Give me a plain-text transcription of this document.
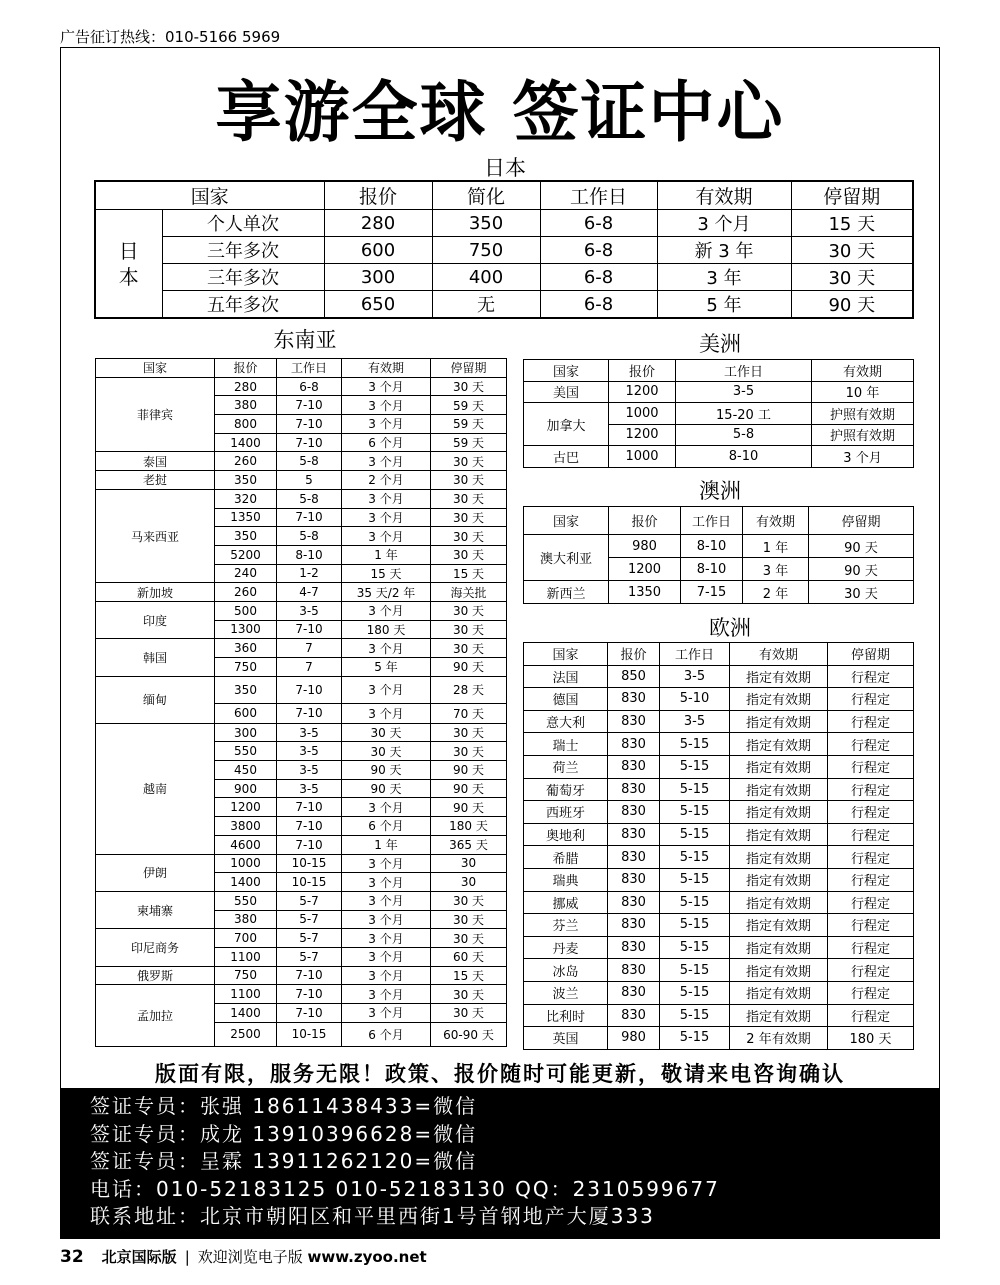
广告征订热线：010-5166 5969
享游全球 签证中心
日本
国家		报价	简化	工作日	有效期	停留期
日本	个人单次	280	350	6-8	3 个月	15 天
	三年多次	600	750	6-8	新 3 年	30 天
	三年多次	300	400	6-8	3 年	30 天
	五年多次	650	无	6-8	5 年	90 天
东南亚
国家	报价	工作日	有效期	停留期
菲律宾	280	6-8	3 个月	30 天
	380	7-10	3 个月	59 天
	800	7-10	3 个月	59 天
	1400	7-10	6 个月	59 天
泰国	260	5-8	3 个月	30 天
老挝	350	5	2 个月	30 天
马来西亚	320	5-8	3 个月	30 天
	1350	7-10	3 个月	30 天
	350	5-8	3 个月	30 天
	5200	8-10	1 年	30 天
	240	1-2	15 天	15 天
新加坡	260	4-7	35 天/2 年	海关批
印度	500	3-5	3 个月	30 天
	1300	7-10	180 天	30 天
韩国	360	7	3 个月	30 天
	750	7	5 年	90 天
缅甸	350	7-10	3 个月	28 天
	600	7-10	3 个月	70 天
越南	300	3-5	30 天	30 天
	550	3-5	30 天	30 天
	450	3-5	90 天	90 天
	900	3-5	90 天	90 天
	1200	7-10	3 个月	90 天
	3800	7-10	6 个月	180 天
	4600	7-10	1 年	365 天
伊朗	1000	10-15	3 个月	30
	1400	10-15	3 个月	30
柬埔寨	550	5-7	3 个月	30 天
	380	5-7	3 个月	30 天
印尼商务	700	5-7	3 个月	30 天
	1100	5-7	3 个月	60 天
俄罗斯	750	7-10	3 个月	15 天
孟加拉	1100	7-10	3 个月	30 天
	1400	7-10	3 个月	30 天
	2500	10-15	6 个月	60-90 天
美洲
国家	报价	工作日	有效期
美国	1200	3-5	10 年
加拿大	1000	15-20 工	护照有效期
	1200	5-8	护照有效期
古巴	1000	8-10	3 个月
澳洲
国家	报价	工作日	有效期	停留期
澳大利亚	980	8-10	1 年	90 天
	1200	8-10	3 年	90 天
新西兰	1350	7-15	2 年	30 天
欧洲
国家	报价	工作日	有效期	停留期
法国	850	3-5	指定有效期	行程定
德国	830	5-10	指定有效期	行程定
意大利	830	3-5	指定有效期	行程定
瑞士	830	5-15	指定有效期	行程定
荷兰	830	5-15	指定有效期	行程定
葡萄牙	830	5-15	指定有效期	行程定
西班牙	830	5-15	指定有效期	行程定
奥地利	830	5-15	指定有效期	行程定
希腊	830	5-15	指定有效期	行程定
瑞典	830	5-15	指定有效期	行程定
挪威	830	5-15	指定有效期	行程定
芬兰	830	5-15	指定有效期	行程定
丹麦	830	5-15	指定有效期	行程定
冰岛	830	5-15	指定有效期	行程定
波兰	830	5-15	指定有效期	行程定
比利时	830	5-15	指定有效期	行程定
英国	980	5-15	2 年有效期	180 天
版面有限，服务无限！政策、报价随时可能更新，敬请来电咨询确认
签证专员：张强 18611438433=微信
签证专员：成龙 13910396628=微信
签证专员：呈霖 13911262120=微信
电话：010-52183125 010-52183130 QQ：2310599677
联系地址：北京市朝阳区和平里西街1号首钢地产大厦333
32 北京国际版 | 欢迎浏览电子版 www.zyoo.net
